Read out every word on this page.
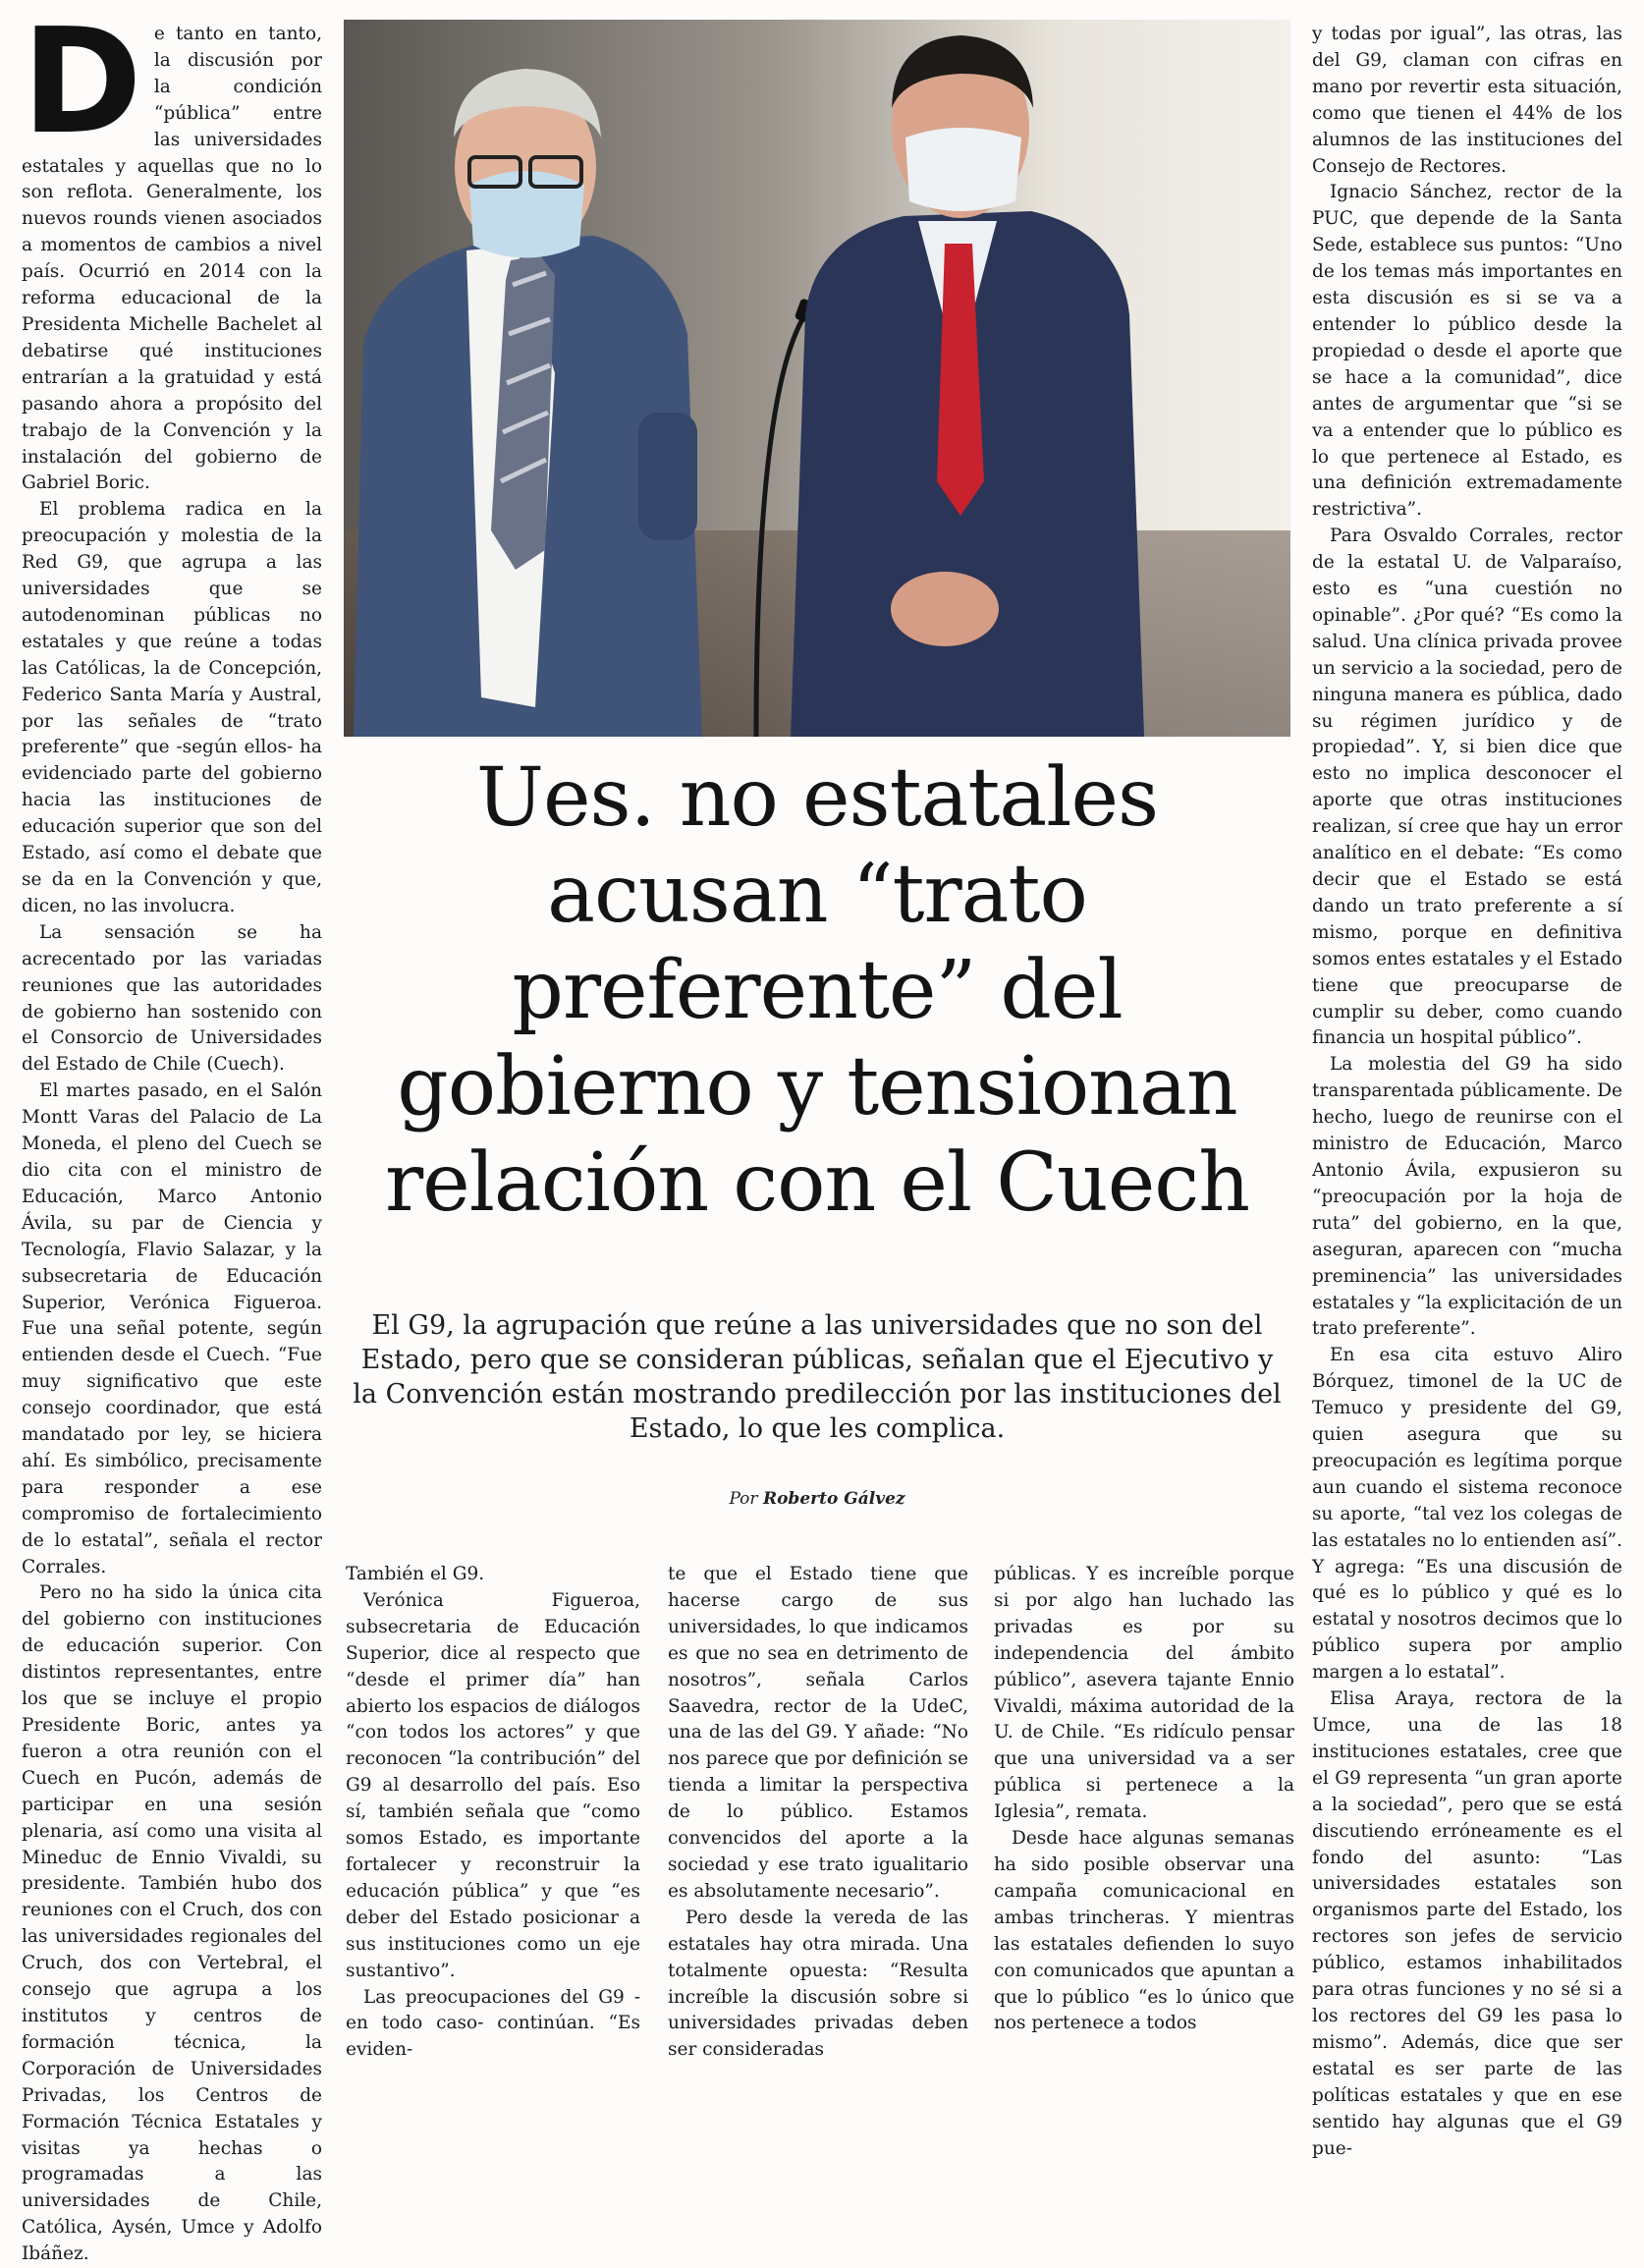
D e tanto en tanto, la discusión por la condición “pública” entre las universidades estatales y aquellas que no lo son reflota. Generalmente, los nuevos rounds vienen asociados a momentos de cambios a nivel país. Ocurrió en 2014 con la reforma educacional de la Presidenta Michelle Bachelet al debatirse qué instituciones entrarían a la gratuidad y está pasando ahora a propósito del trabajo de la Convención y la instalación del gobierno de Gabriel Boric.

El problema radica en la preocupación y molestia de la Red G9, que agrupa a las universidades que se autodenominan públicas no estatales y que reúne a todas las Católicas, la de Concepción, Federico Santa María y Austral, por las señales de “trato preferente” que -según ellos- ha evidenciado parte del gobierno hacia las instituciones de educación superior que son del Estado, así como el debate que se da en la Convención y que, dicen, no las involucra.

La sensación se ha acrecentado por las variadas reuniones que las autoridades de gobierno han sostenido con el Consorcio de Universidades del Estado de Chile (Cuech).

El martes pasado, en el Salón Montt Varas del Palacio de La Moneda, el pleno del Cuech se dio cita con el ministro de Educación, Marco Antonio Ávila, su par de Ciencia y Tecnología, Flavio Salazar, y la subsecretaria de Educación Superior, Verónica Figueroa. Fue una señal potente, según entienden desde el Cuech. “Fue muy significativo que este consejo coordinador, que está mandatado por ley, se hiciera ahí. Es simbólico, precisamente para responder a ese compromiso de fortalecimiento de lo estatal”, señala el rector Corrales.

Pero no ha sido la única cita del gobierno con instituciones de educación superior. Con distintos representantes, entre los que se incluye el propio Presidente Boric, antes ya fueron a otra reunión con el Cuech en Pucón, además de participar en una sesión plenaria, así como una visita al Mineduc de Ennio Vivaldi, su presidente. También hubo dos reuniones con el Cruch, dos con las universidades regionales del Cruch, dos con Vertebral, el consejo que agrupa a los institutos y centros de formación técnica, la Corporación de Universidades Privadas, los Centros de Formación Técnica Estatales y visitas ya hechas o programadas a las universidades de Chile, Católica, Aysén, Umce y Adolfo Ibáñez.

Ues. no estatales acusan “trato preferente” del gobierno y tensionan relación con el Cuech
El G9, la agrupación que reúne a las universidades que no son del Estado, pero que se consideran públicas, señalan que el Ejecutivo y la Convención están mostrando predilección por las instituciones del Estado, lo que les complica.
Por Roberto Gálvez

También el G9.

Verónica Figueroa, subsecretaria de Educación Superior, dice al respecto que “desde el primer día” han abierto los espacios de diálogos “con todos los actores” y que reconocen “la contribución” del G9 al desarrollo del país. Eso sí, también señala que “como somos Estado, es importante fortalecer y reconstruir la educación pública” y que “es deber del Estado posicionar a sus instituciones como un eje sustantivo”.

Las preocupaciones del G9 -en todo caso- continúan. “Es eviden-

te que el Estado tiene que hacerse cargo de sus universidades, lo que indicamos es que no sea en detrimento de nosotros”, señala Carlos Saavedra, rector de la UdeC, una de las del G9. Y añade: “No nos parece que por definición se tienda a limitar la perspectiva de lo público. Estamos convencidos del aporte a la sociedad y ese trato igualitario es absolutamente necesario”.

Pero desde la vereda de las estatales hay otra mirada. Una totalmente opuesta: “Resulta increíble la discusión sobre si universidades privadas deben ser consideradas

públicas. Y es increíble porque si por algo han luchado las privadas es por su independencia del ámbito público”, asevera tajante Ennio Vivaldi, máxima autoridad de la U. de Chile. “Es ridículo pensar que una universidad va a ser pública si pertenece a la Iglesia”, remata.

Desde hace algunas semanas ha sido posible observar una campaña comunicacional en ambas trincheras. Y mientras las estatales defienden lo suyo con comunicados que apuntan a que lo público “es lo único que nos pertenece a todos

y todas por igual”, las otras, las del G9, claman con cifras en mano por revertir esta situación, como que tienen el 44% de los alumnos de las instituciones del Consejo de Rectores.

Ignacio Sánchez, rector de la PUC, que depende de la Santa Sede, establece sus puntos: “Uno de los temas más importantes en esta discusión es si se va a entender lo público desde la propiedad o desde el aporte que se hace a la comunidad”, dice antes de argumentar que “si se va a entender que lo público es lo que pertenece al Estado, es una definición extremadamente restrictiva”.

Para Osvaldo Corrales, rector de la estatal U. de Valparaíso, esto es “una cuestión no opinable”. ¿Por qué? “Es como la salud. Una clínica privada provee un servicio a la sociedad, pero de ninguna manera es pública, dado su régimen jurídico y de propiedad”. Y, si bien dice que esto no implica desconocer el aporte que otras instituciones realizan, sí cree que hay un error analítico en el debate: “Es como decir que el Estado se está dando un trato preferente a sí mismo, porque en definitiva somos entes estatales y el Estado tiene que preocuparse de cumplir su deber, como cuando financia un hospital público”.

La molestia del G9 ha sido transparentada públicamente. De hecho, luego de reunirse con el ministro de Educación, Marco Antonio Ávila, expusieron su “preocupación por la hoja de ruta” del gobierno, en la que, aseguran, aparecen con “mucha preminencia” las universidades estatales y “la explicitación de un trato preferente”.

En esa cita estuvo Aliro Bórquez, timonel de la UC de Temuco y presidente del G9, quien asegura que su preocupación es legítima porque aun cuando el sistema reconoce su aporte, “tal vez los colegas de las estatales no lo entienden así”. Y agrega: “Es una discusión de qué es lo público y qué es lo estatal y nosotros decimos que lo público supera por amplio margen a lo estatal”.

Elisa Araya, rectora de la Umce, una de las 18 instituciones estatales, cree que el G9 representa “un gran aporte a la sociedad”, pero que se está discutiendo erróneamente es el fondo del asunto: “Las universidades estatales son organismos parte del Estado, los rectores son jefes de servicio público, estamos inhabilitados para otras funciones y no sé si a los rectores del G9 les pasa lo mismo”. Además, dice que ser estatal es ser parte de las políticas estatales y que en ese sentido hay algunas que el G9 pue-
